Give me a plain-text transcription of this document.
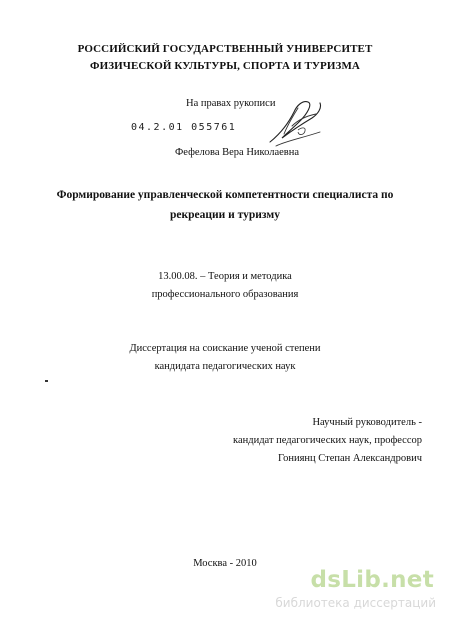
РОССИЙСКИЙ ГОСУДАРСТВЕННЫЙ УНИВЕРСИТЕТ
ФИЗИЧЕСКОЙ КУЛЬТУРЫ, СПОРТА И ТУРИЗМА
На правах рукописи
04.2.01 055761
Фефелова Вера Николаевна
Формирование управленческой компетентности специалиста по
рекреации и туризму
13.00.08. – Теория и методика
профессионального образования
Диссертация на соискание ученой степени
кандидата педагогических наук
Научный руководитель -
кандидат педагогических наук, профессор
Гониянц Степан Александрович
Москва - 2010
dsLib.net
библиотека диссертаций
